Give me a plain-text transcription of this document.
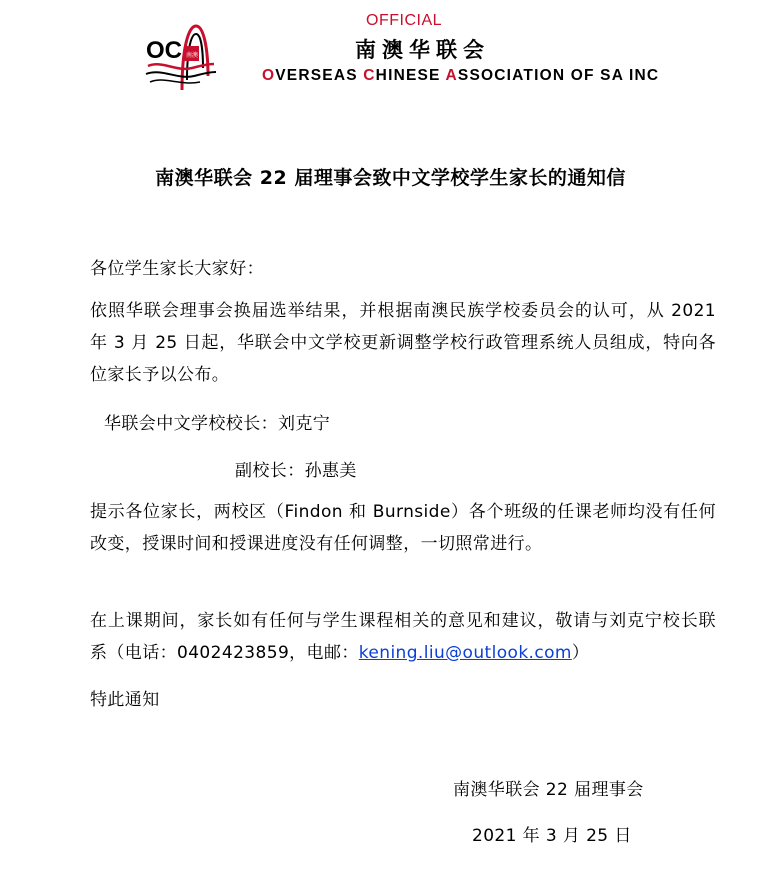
OC 南澳
OFFICIAL
南澳华联会
OVERSEAS CHINESE ASSOCIATION OF SA INC
南澳华联会 22 届理事会致中文学校学生家长的通知信
各位学生家长大家好：
依照华联会理事会换届选举结果，并根据南澳民族学校委员会的认可，从 2021 年 3 月 25 日起，华联会中文学校更新调整学校行政管理系统人员组成，特向各位家长予以公布。
华联会中文学校校长：刘克宁
副校长：孙惠美
提示各位家长，两校区（Findon 和 Burnside）各个班级的任课老师均没有任何改变，授课时间和授课进度没有任何调整，一切照常进行。
在上课期间，家长如有任何与学生课程相关的意见和建议，敬请与刘克宁校长联系（电话：0402423859，电邮：kening.liu@outlook.com）
特此通知
南澳华联会 22 届理事会
2021 年 3 月 25 日
